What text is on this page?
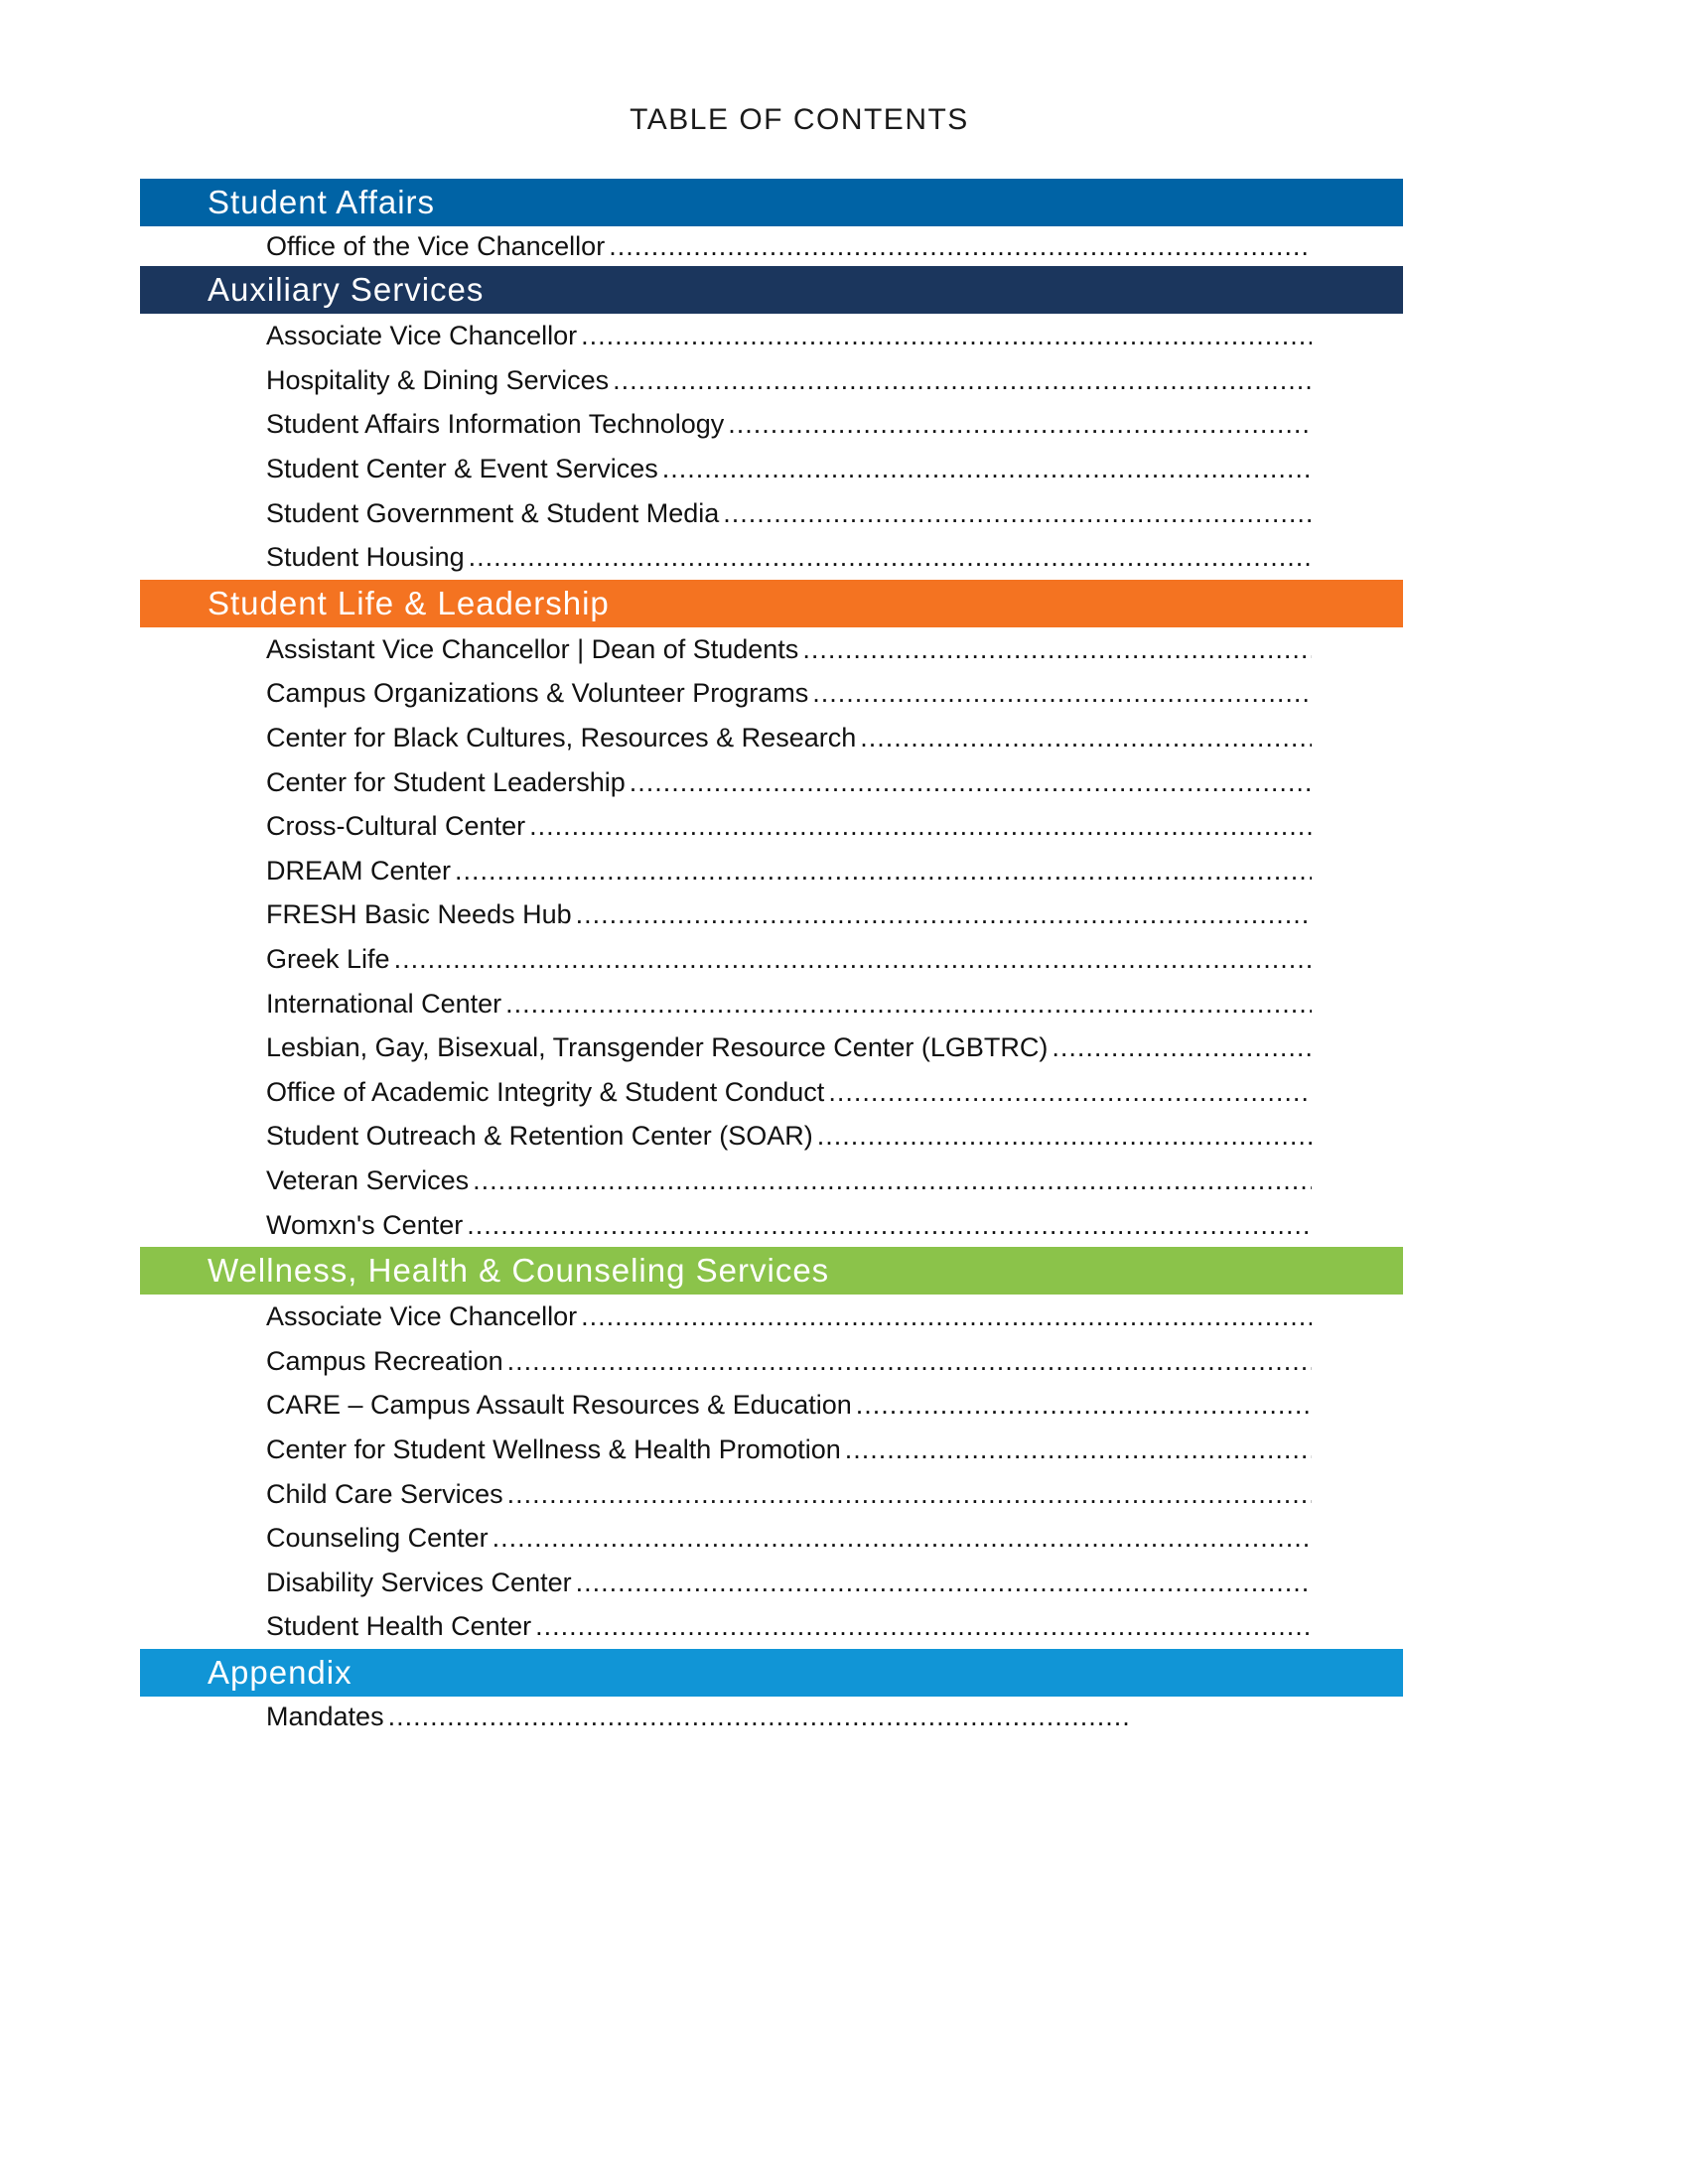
TABLE OF CONTENTS
Student Affairs
Office of the Vice Chancellor
.....
Auxiliary Services
Associate Vice Chancellor
.....
Hospitality & Dining Services
.....
Student Affairs Information Technology
.....
Student Center & Event Services
.....
Student Government & Student Media
.....
Student Housing
.....
Student Life & Leadership
Assistant Vice Chancellor | Dean of Students
.....
Campus Organizations & Volunteer Programs
.....
Center for Black Cultures, Resources & Research
.....
Center for Student Leadership
.....
Cross-Cultural Center
.....
DREAM Center
.....
FRESH Basic Needs Hub
.....
Greek Life
.....
International Center
.....
Lesbian, Gay, Bisexual, Transgender Resource Center (LGBTRC)
.....
Office of Academic Integrity & Student Conduct
.....
Student Outreach & Retention Center (SOAR)
.....
Veteran Services
.....
Womxn's Center
.....
Wellness, Health & Counseling Services
Associate Vice Chancellor
.....
Campus Recreation
.....
CARE – Campus Assault Resources & Education
.....
Center for Student Wellness & Health Promotion
.....
Child Care Services
.....
Counseling Center
.....
Disability Services Center
.....
Student Health Center
.....
Appendix
Mandates
.....
